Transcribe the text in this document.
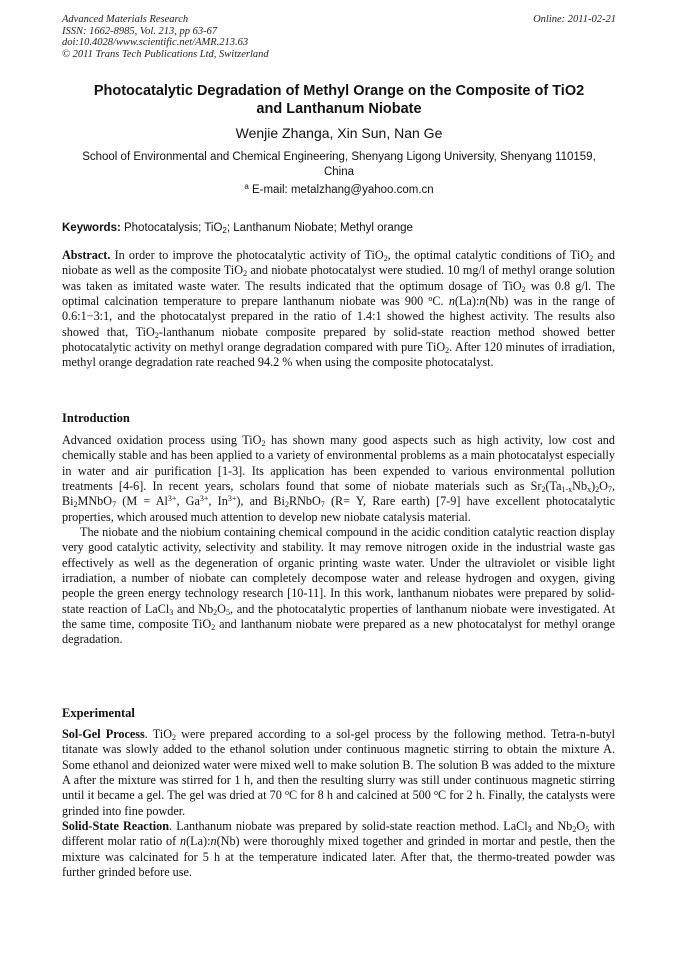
Advanced Materials Research
ISSN: 1662-8985, Vol. 213, pp 63-67
doi:10.4028/www.scientific.net/AMR.213.63
© 2011 Trans Tech Publications Ltd, Switzerland
Online: 2011-02-21
Photocatalytic Degradation of Methyl Orange on the Composite of TiO2
and Lanthanum Niobate
Wenjie Zhanga, Xin Sun, Nan Ge
School of Environmental and Chemical Engineering, Shenyang Ligong University, Shenyang 110159, China
$^a$ E-mail: metalzhang@yahoo.com.cn
Keywords: Photocatalysis; TiO$_2$; Lanthanum Niobate; Methyl orange

Abstract. In order to improve the photocatalytic activity of TiO$_2$, the optimal catalytic conditions of TiO$_2$ and niobate as well as the composite TiO$_2$ and niobate photocatalyst were studied. 10 mg/l of methyl orange solution was taken as imitated waste water. The results indicated that the optimum dosage of TiO$_2$ was 0.8 g/l. The optimal calcination temperature to prepare lanthanum niobate was 900 $^o$C. n(La):n(Nb) was in the range of 0.6:1−3:1, and the photocatalyst prepared in the ratio of 1.4:1 showed the highest activity. The results also showed that, TiO$_2$-lanthanum niobate composite prepared by solid-state reaction method showed better photocatalytic activity on methyl orange degradation compared with pure TiO$_2$. After 120 minutes of irradiation, methyl orange degradation rate reached 94.2 % when using the composite photocatalyst.

Introduction

Advanced oxidation process using TiO$_2$ has shown many good aspects such as high activity, low cost and chemically stable and has been applied to a variety of environmental problems as a main photocatalyst especially in water and air purification [1-3]. Its application has been expended to various environmental pollution treatments [4-6]. In recent years, scholars found that some of niobate materials such as $Sr_2(Ta_{1-x}Nb_x)_2O_7$, $Bi_2MNbO_7$ ($M = Al^{3+}$, $Ga^{3+}$, $In^{3+}$), and $Bi_2RNbO_7$ (R= Y, Rare earth) [7-9] have excellent photocatalytic properties, which aroused much attention to develop new niobate catalysis material.

The niobate and the niobium containing chemical compound in the acidic condition catalytic reaction display very good catalytic activity, selectivity and stability. It may remove nitrogen oxide in the industrial waste gas effectively as well as the degeneration of organic printing waste water. Under the ultraviolet or visible light irradiation, a number of niobate can completely decompose water and release hydrogen and oxygen, giving people the green energy technology research [10-11]. In this work, lanthanum niobates were prepared by solid-state reaction of LaCl$_3$ and $Nb_2O_5$, and the photocatalytic properties of lanthanum niobate were investigated. At the same time, composite TiO$_2$ and lanthanum niobate were prepared as a new photocatalyst for methyl orange degradation.

Experimental

Sol-Gel Process. TiO$_2$ were prepared according to a sol-gel process by the following method. Tetra-n-butyl titanate was slowly added to the ethanol solution under continuous magnetic stirring to obtain the mixture A. Some ethanol and deionized water were mixed well to make solution B. The solution B was added to the mixture A after the mixture was stirred for 1 h, and then the resulting slurry was still under continuous magnetic stirring until it became a gel. The gel was dried at 70 $^o$C for 8 h and calcined at 500 $^o$C for 2 h. Finally, the catalysts were grinded into fine powder.

Solid-State Reaction. Lanthanum niobate was prepared by solid-state reaction method. LaCl$_3$ and $Nb_2O_5$ with different molar ratio of n(La):n(Nb) were thoroughly mixed together and grinded in mortar and pestle, then the mixture was calcinated for 5 h at the temperature indicated later. After that, the thermo-treated powder was further grinded before use.
